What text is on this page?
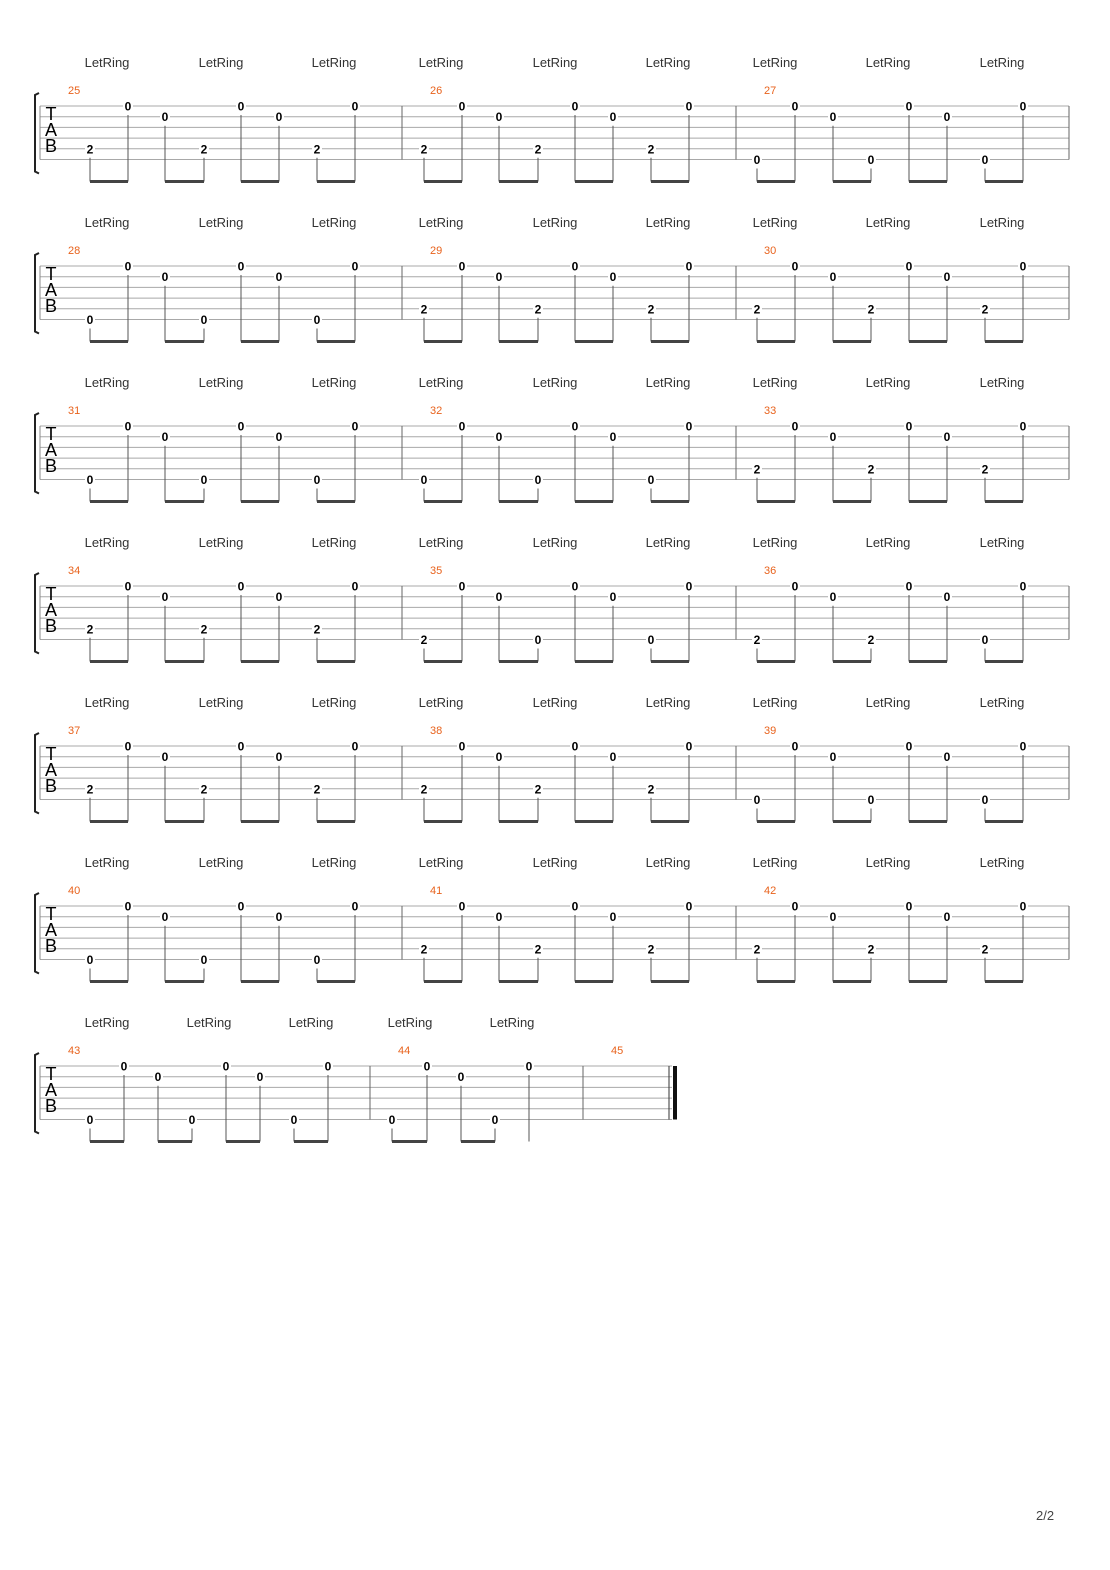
LetRing	LetRing	LetRing	LetRing	LetRing	LetRing	LetRing	LetRing	LetRing
T
A
B
25
2
0
0
2
0
0
2
0
26
2
0
0
2
0
0
2
0
27
0
0
0
0
0
0
0
0
LetRing	LetRing	LetRing	LetRing	LetRing	LetRing	LetRing	LetRing	LetRing
T
A
B
28
0
0
0
0
0
0
0
0
29
2
0
0
2
0
0
2
0
30
2
0
0
2
0
0
2
0
LetRing	LetRing	LetRing	LetRing	LetRing	LetRing	LetRing	LetRing	LetRing
T
A
B
31
0
0
0
0
0
0
0
0
32
0
0
0
0
0
0
0
0
33
2
0
0
2
0
0
2
0
LetRing	LetRing	LetRing	LetRing	LetRing	LetRing	LetRing	LetRing	LetRing
T
A
B
34
2
0
0
2
0
0
2
0
35
2
0
0
0
0
0
0
0
36
2
0
0
2
0
0
0
0
LetRing	LetRing	LetRing	LetRing	LetRing	LetRing	LetRing	LetRing	LetRing
T
A
B
37
2
0
0
2
0
0
2
0
38
2
0
0
2
0
0
2
0
39
0
0
0
0
0
0
0
0
LetRing	LetRing	LetRing	LetRing	LetRing	LetRing	LetRing	LetRing	LetRing
T
A
B
40
0
0
0
0
0
0
0
0
41
2
0
0
2
0
0
2
0
42
2
0
0
2
0
0
2
0
LetRing	LetRing	LetRing	LetRing	LetRing
T
A
B
43
0
0
0
0
0
0
0
0
44
0
0
0
0
0
45
2/2
